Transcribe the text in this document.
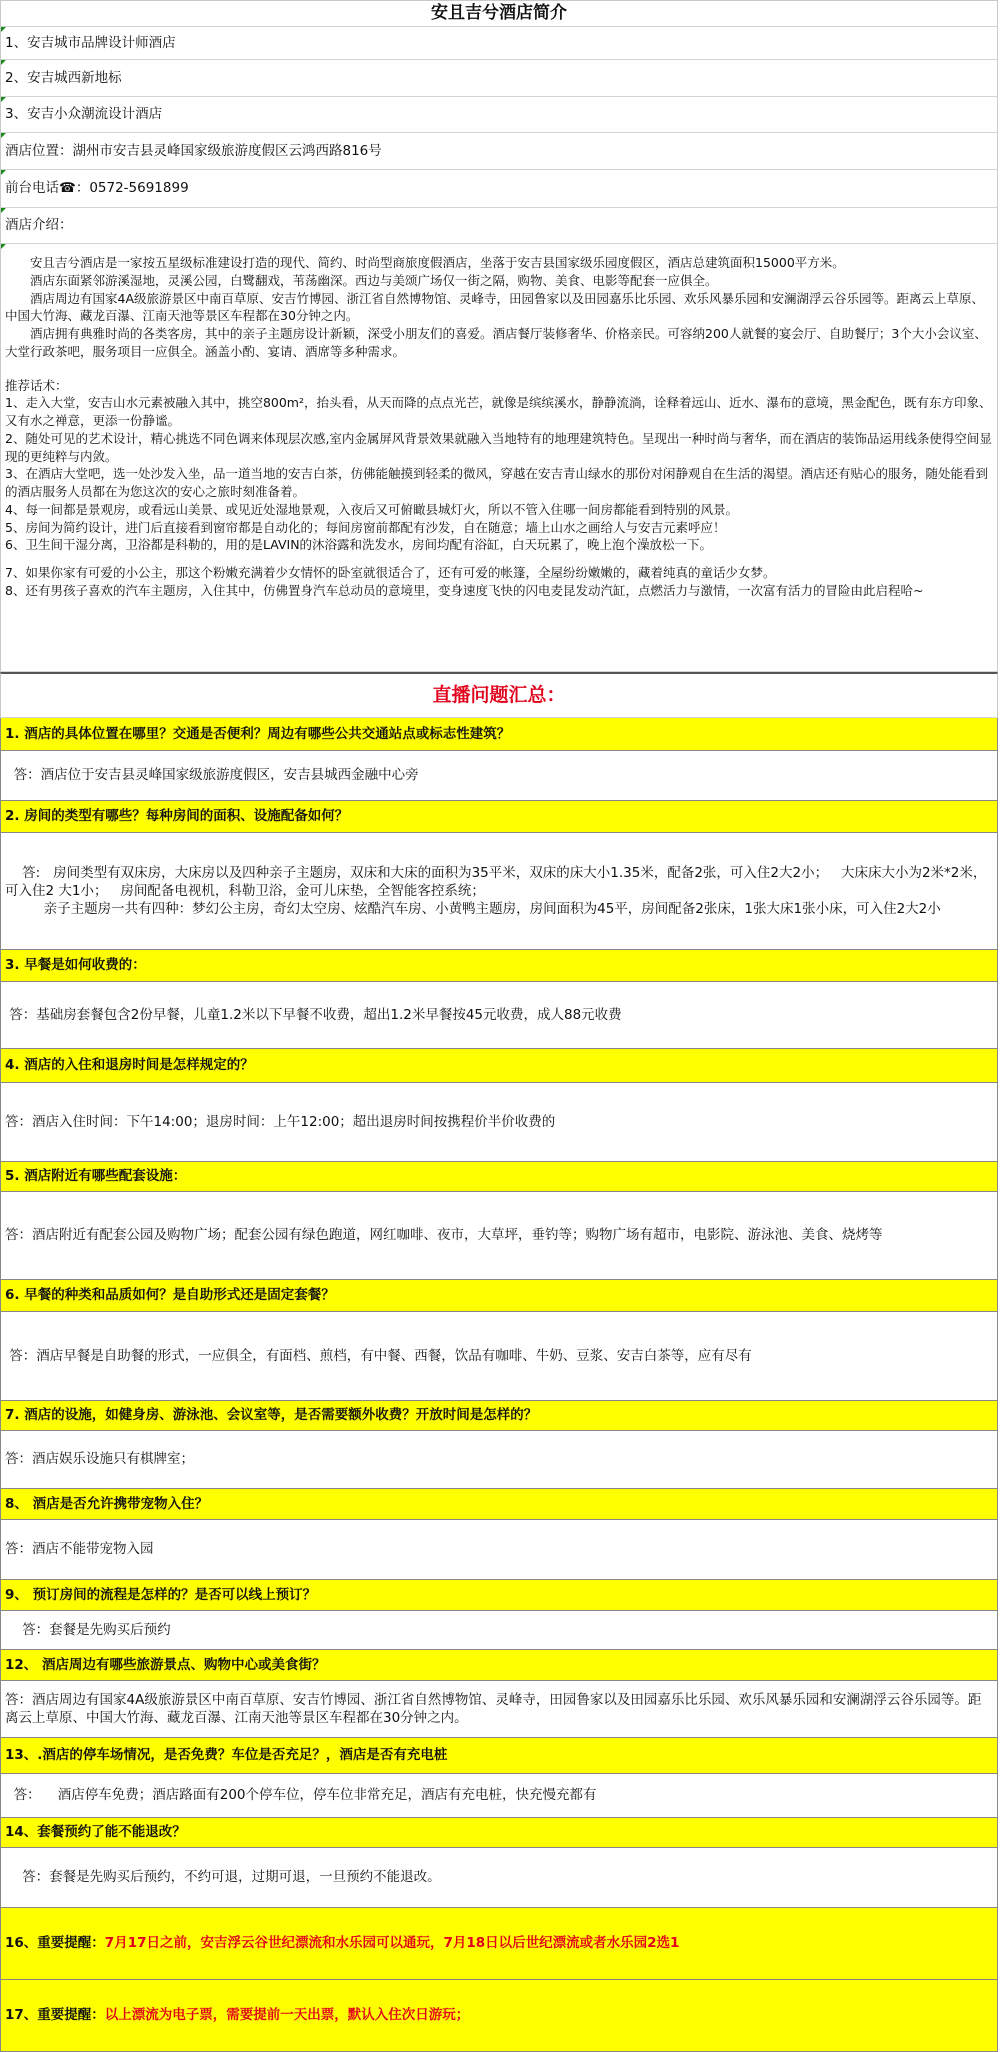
安且吉兮酒店简介
1、安吉城市品牌设计师酒店
2、安吉城西新地标
3、安吉小众潮流设计酒店
酒店位置：湖州市安吉县灵峰国家级旅游度假区云鸿西路816号
前台电话☎：0572-5691899
酒店介绍：

安且吉兮酒店是一家按五星级标准建设打造的现代、简约、时尚型商旅度假酒店，坐落于安吉县国家级乐园度假区，酒店总建筑面积15000平方米。

酒店东面紧邻游溪湿地，灵溪公园，白鹭翻戏，苇荡幽深。西边与美颂广场仅一街之隔，购物、美食、电影等配套一应俱全。

酒店周边有国家4A级旅游景区中南百草原、安吉竹博园、浙江省自然博物馆、灵峰寺，田园鲁家以及田园嘉乐比乐园、欢乐风暴乐园和安澜湖浮云谷乐园等。距离云上草原、中国大竹海、藏龙百瀑、江南天池等景区车程都在30分钟之内。

酒店拥有典雅时尚的各类客房，其中的亲子主题房设计新颖，深受小朋友们的喜爱。酒店餐厅装修奢华、价格亲民。可容纳200人就餐的宴会厅、自助餐厅；3个大小会议室、大堂行政茶吧，服务项目一应俱全。涵盖小酌、宴请、酒席等多种需求。

推荐话术：

1、走入大堂，安吉山水元素被融入其中，挑空800m²，抬头看，从天而降的点点光芒，就像是缤缤溪水，静静流淌，诠释着远山、近水、瀑布的意境，黑金配色，既有东方印象、又有水之禅意，更添一份静谧。

2、随处可见的艺术设计，精心挑选不同色调来体现层次感,室内金属屏风背景效果就融入当地特有的地理建筑特色。呈现出一种时尚与奢华，而在酒店的装饰品运用线条使得空间显现的更纯粹与内敛。

3、在酒店大堂吧，选一处沙发入坐，品一道当地的安吉白茶，仿佛能触摸到轻柔的微风，穿越在安吉青山绿水的那份对闲静观自在生活的渴望。酒店还有贴心的服务，随处能看到的酒店服务人员都在为您这次的安心之旅时刻准备着。

4、每一间都是景观房，或看远山美景、或见近处湿地景观，入夜后又可俯瞰县城灯火，所以不管入住哪一间房都能看到特别的风景。

5、房间为简约设计，进门后直接看到窗帘都是自动化的；每间房窗前都配有沙发，自在随意；墙上山水之画给人与安吉元素呼应！

6、卫生间干湿分离，卫浴都是科勒的，用的是LAVIN的沐浴露和洗发水，房间均配有浴缸，白天玩累了，晚上泡个澡放松一下。

7、如果你家有可爱的小公主，那这个粉嫩充满着少女情怀的卧室就很适合了，还有可爱的帐篷，全屋纷纷嫩嫩的，藏着纯真的童话少女梦。

8、还有男孩子喜欢的汽车主题房，入住其中，仿佛置身汽车总动员的意境里，变身速度飞快的闪电麦昆发动汽缸，点燃活力与激情，一次富有活力的冒险由此启程哈~

直播问题汇总：
1. 酒店的具体位置在哪里？交通是否便利？周边有哪些公共交通站点或标志性建筑？
答：酒店位于安吉县灵峰国家级旅游度假区，安吉县城西金融中心旁
2. 房间的类型有哪些？每种房间的面积、设施配备如何？
答:   房间类型有双床房，大床房以及四种亲子主题房，双床和大床的面积为35平米，双床的床大小1.35米，配备2张，可入住2大2小；   大床床大小为2米*2米，可入住2 大1小；   房间配备电视机，科勒卫浴，金可儿床垫，全智能客控系统；
亲子主题房一共有四种：梦幻公主房，奇幻太空房、炫酷汽车房、小黄鸭主题房，房间面积为45平，房间配备2张床，1张大床1张小床，可入住2大2小
3. 早餐是如何收费的：
答：基础房套餐包含2份早餐，儿童1.2米以下早餐不收费，超出1.2米早餐按45元收费，成人88元收费
4. 酒店的入住和退房时间是怎样规定的？
答：酒店入住时间：下午14:00；退房时间：上午12:00；超出退房时间按携程价半价收费的
5. 酒店附近有哪些配套设施：
答：酒店附近有配套公园及购物广场；配套公园有绿色跑道，网红咖啡、夜市，大草坪，垂钓等；购物广场有超市，电影院、游泳池、美食、烧烤等
6. 早餐的种类和品质如何？是自助形式还是固定套餐？
答：酒店早餐是自助餐的形式，一应俱全，有面档、煎档，有中餐、西餐，饮品有咖啡、牛奶、豆浆、安吉白茶等，应有尽有
7. 酒店的设施，如健身房、游泳池、会议室等，是否需要额外收费？开放时间是怎样的？
答：酒店娱乐设施只有棋牌室；
8、 酒店是否允许携带宠物入住？
答：酒店不能带宠物入园
9、 预订房间的流程是怎样的？是否可以线上预订？
答：套餐是先购买后预约
12、 酒店周边有哪些旅游景点、购物中心或美食街？
答：酒店周边有国家4A级旅游景区中南百草原、安吉竹博园、浙江省自然博物馆、灵峰寺，田园鲁家以及田园嘉乐比乐园、欢乐风暴乐园和安澜湖浮云谷乐园等。距离云上草原、中国大竹海、藏龙百瀑、江南天池等景区车程都在30分钟之内。
13、.酒店的停车场情况，是否免费？车位是否充足？，酒店是否有充电桩
答：    酒店停车免费；酒店路面有200个停车位，停车位非常充足，酒店有充电桩，快充慢充都有
14、套餐预约了能不能退改？
答：套餐是先购买后预约，不约可退，过期可退，一旦预约不能退改。
16、重要提醒： 7月17日之前，安吉浮云谷世纪漂流和水乐园可以通玩，7月18日以后世纪漂流或者水乐园2选1
17、重要提醒： 以上漂流为电子票，需要提前一天出票，默认入住次日游玩；
